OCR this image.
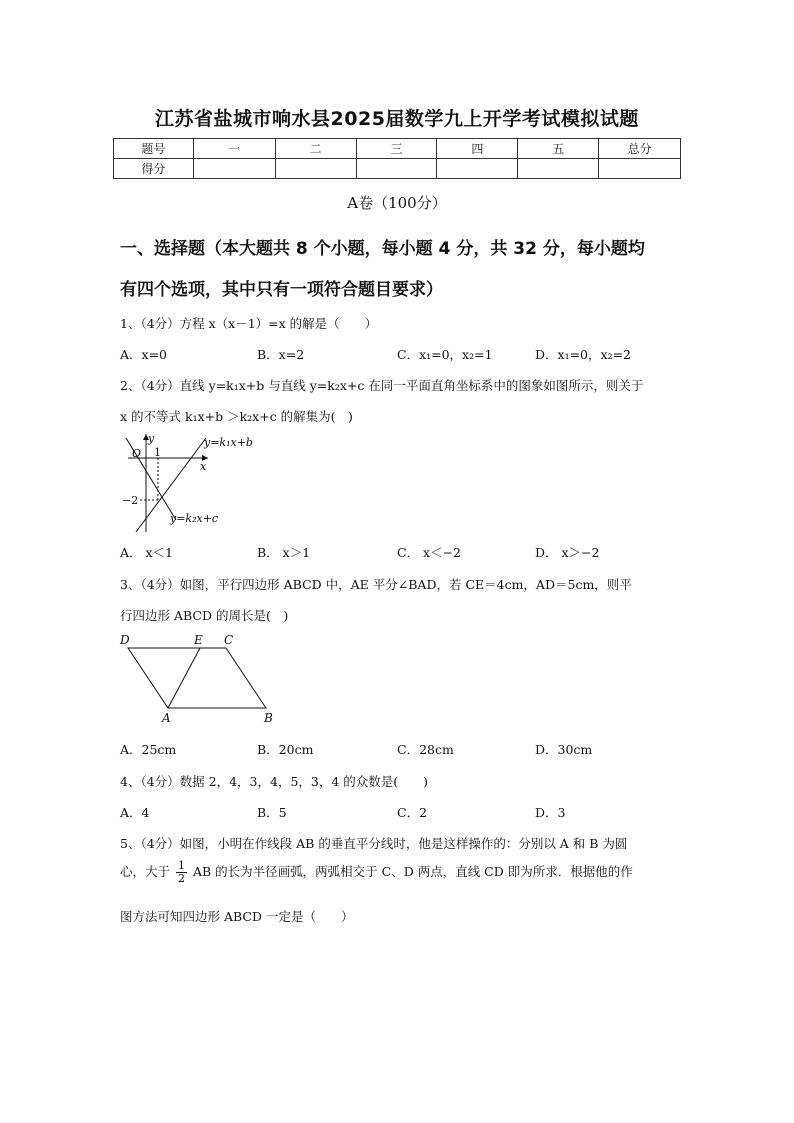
江苏省盐城市响水县2025届数学九上开学考试模拟试题
题号	一	二	三	四	五	总分
得分						
A卷（100分）
一、选择题（本大题共 8 个小题，每小题 4 分，共 32 分，每小题均
有四个选项，其中只有一项符合题目要求）
1、（4分）方程 x（x－1）=x 的解是（　　）
A．x=0	B．x=2	C．x₁=0，x₂=1	D．x₁=0，x₂=2
2、（4分）直线 y=k₁x+b 与直线 y=k₂x+c 在同一平面直角坐标系中的图象如图所示，则关于
x 的不等式 k₁x+b ＞k₂x+c 的解集为(　)
y
x
O 1
−2
y=k₁x+b
y=k₂x+c
A． x＜1	B． x＞1	C． x＜−2	D． x＞−2
3、（4分）如图，平行四边形 ABCD 中，AE 平分∠BAD，若 CE＝4cm，AD＝5cm，则平
行四边形 ABCD 的周长是(　)
D	E C
A	B
A．25cm	B．20cm	C．28cm	D．30cm
4、（4分）数据 2，4，3，4，5，3，4 的众数是(　　)
A．4	B．5	C．2	D．3
5、（4分）如图，小明在作线段 AB 的垂直平分线时，他是这样操作的：分别以 A 和 B 为圆
心，大于 $\frac{1}{2}$ AB 的长为半径画弧，两弧相交于 C、D 两点，直线 CD 即为所求．根据他的作
图方法可知四边形 ABCD 一定是（　　）
